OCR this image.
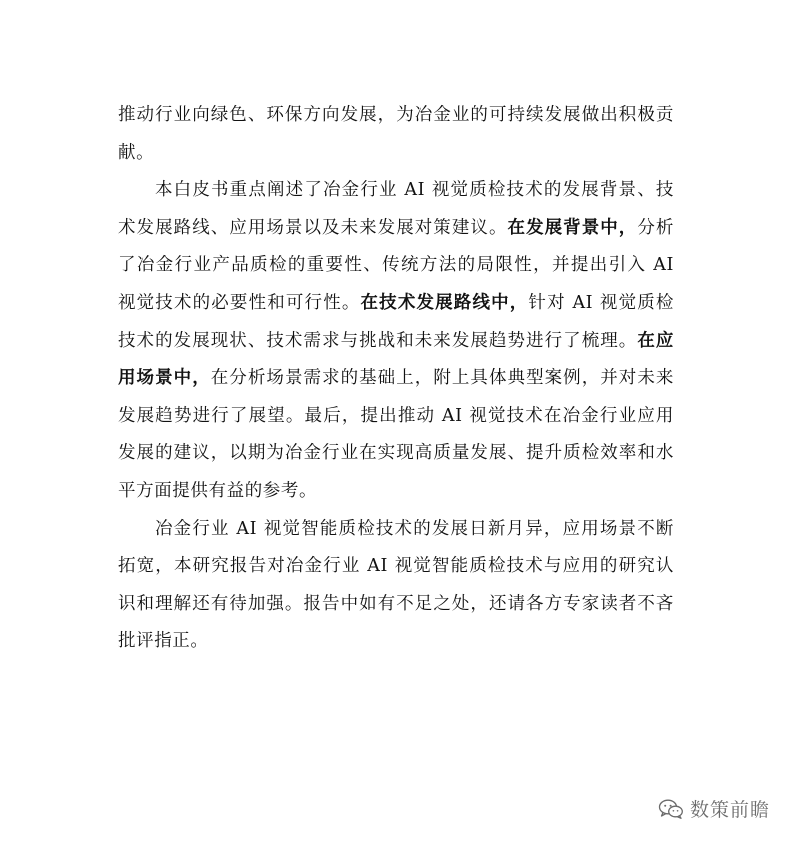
推动行业向绿色、环保方向发展，为冶金业的可持续发展做出积极贡献。

本白皮书重点阐述了冶金行业 AI 视觉质检技术的发展背景、技术发展路线、应用场景以及未来发展对策建议。在发展背景中，分析了冶金行业产品质检的重要性、传统方法的局限性，并提出引入 AI 视觉技术的必要性和可行性。在技术发展路线中，针对 AI 视觉质检技术的发展现状、技术需求与挑战和未来发展趋势进行了梳理。在应用场景中，在分析场景需求的基础上，附上具体典型案例，并对未来发展趋势进行了展望。最后，提出推动 AI 视觉技术在冶金行业应用发展的建议，以期为冶金行业在实现高质量发展、提升质检效率和水平方面提供有益的参考。

冶金行业 AI 视觉智能质检技术的发展日新月异，应用场景不断拓宽，本研究报告对冶金行业 AI 视觉智能质检技术与应用的研究认识和理解还有待加强。报告中如有不足之处，还请各方专家读者不吝批评指正。

数策前瞻
